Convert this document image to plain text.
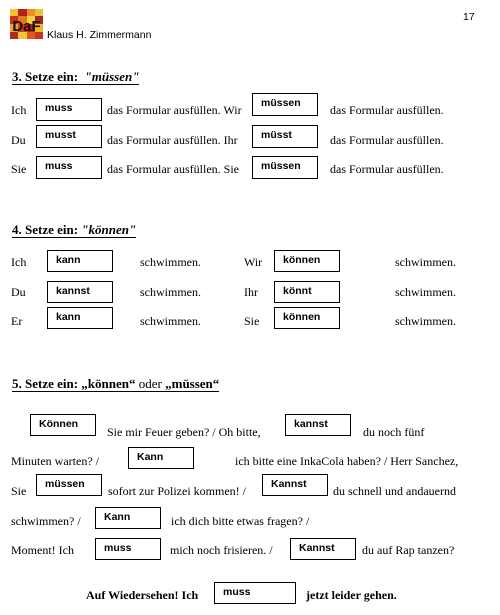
DaF Klaus H. Zimmermann
17
3. Setze ein: "müssen"
Ich	muss	das Formular ausfüllen. Wir	müssen	das Formular ausfüllen.
Du	musst	das Formular ausfüllen. Ihr	müsst	das Formular ausfüllen.
Sie	muss	das Formular ausfüllen. Sie	müssen	das Formular ausfüllen.
4. Setze ein: "können"
Ich	kann	schwimmen.	Wir	können	schwimmen.
Du	kannst	schwimmen.	Ihr	könnt	schwimmen.
Er	kann	schwimmen.	Sie	können	schwimmen.
5. Setze ein: „können“ oder „müssen“
Können
Sie mir Feuer geben? / Oh bitte,
kannst
du noch fünf
Minuten warten? /	Kann	ich bitte eine InkaCola haben? / Herr Sanchez,
Sie	müssen	sofort zur Polizei kommen! /	Kannst	du schnell und andauernd
schwimmen? /	Kann	ich dich bitte etwas fragen? /
Moment! Ich	muss	mich noch frisieren. /	Kannst	du auf Rap tanzen?
Auf Wiedersehen! Ich	muss	jetzt leider gehen.
